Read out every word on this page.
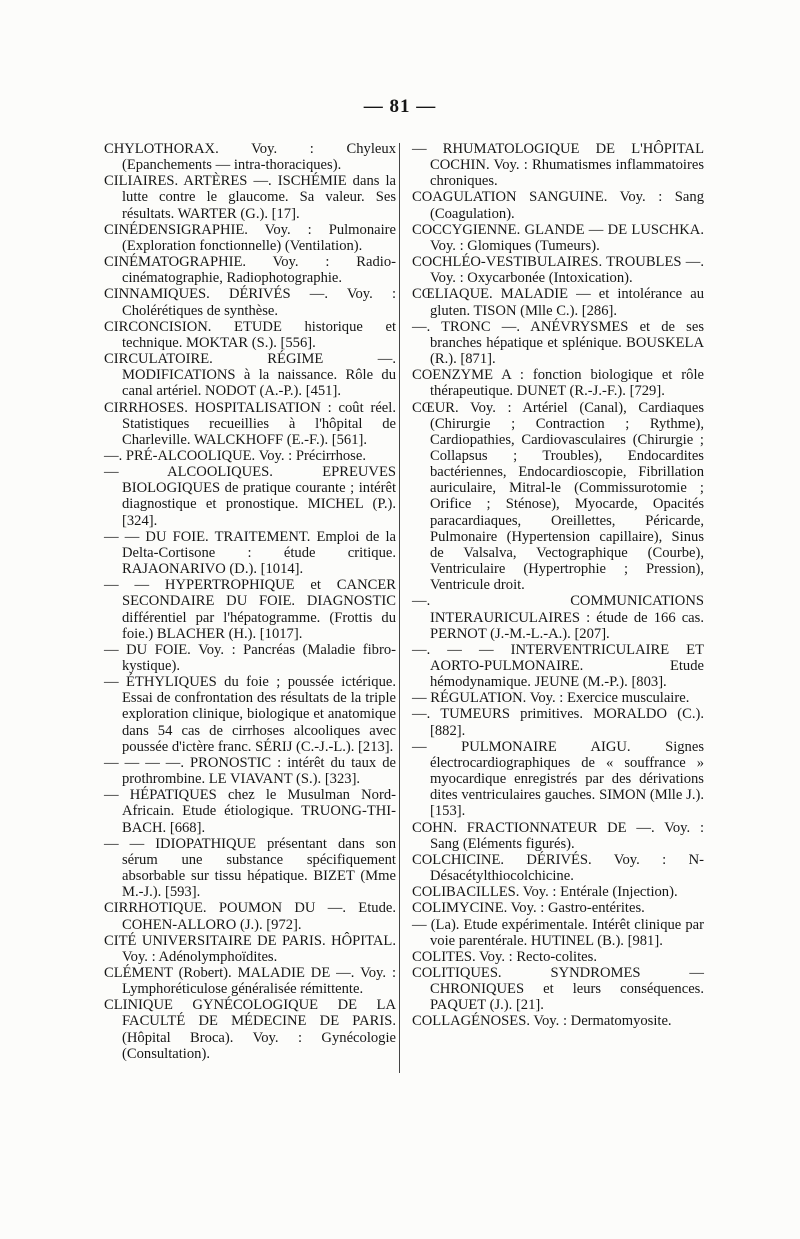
— 81 —

CHYLOTHORAX. Voy. : Chyleux (Epanchements — intra-thoraciques).

CILIAIRES. ARTÈRES —. ISCHÉMIE dans la lutte contre le glaucome. Sa valeur. Ses résultats. WARTER (G.). [17].

CINÉDENSIGRAPHIE. Voy. : Pulmonaire (Exploration fonctionnelle) (Ventilation).

CINÉMATOGRAPHIE. Voy. : Radio-cinématographie, Radiophotographie.

CINNAMIQUES. DÉRIVÉS —. Voy. : Cholérétiques de synthèse.

CIRCONCISION. ETUDE historique et technique. MOKTAR (S.). [556].

CIRCULATOIRE. RÉGIME —. MODIFICATIONS à la naissance. Rôle du canal artériel. NODOT (A.-P.). [451].

CIRRHOSES. HOSPITALISATION : coût réel. Statistiques recueillies à l'hôpital de Charleville. WALCKHOFF (E.-F.). [561].

—. PRÉ-ALCOOLIQUE. Voy. : Précirrhose.

— ALCOOLIQUES. EPREUVES BIOLOGIQUES de pratique courante ; intérêt diagnostique et pronostique. MICHEL (P.). [324].

— — DU FOIE. TRAITEMENT. Emploi de la Delta-Cortisone : étude critique. RAJAONARIVO (D.). [1014].

— — HYPERTROPHIQUE et CANCER SECONDAIRE DU FOIE. DIAGNOSTIC différentiel par l'hépatogramme. (Frottis du foie.) BLACHER (H.). [1017].

— DU FOIE. Voy. : Pancréas (Maladie fibro-kystique).

— ÉTHYLIQUES du foie ; poussée ictérique. Essai de confrontation des résultats de la triple exploration clinique, biologique et anatomique dans 54 cas de cirrhoses alcooliques avec poussée d'ictère franc. SÉRIJ (C.-J.-L.). [213].

— — — —. PRONOSTIC : intérêt du taux de prothrombine. LE VIAVANT (S.). [323].

— HÉPATIQUES chez le Musulman Nord-Africain. Etude étiologique. TRUONG-THI-BACH. [668].

— — IDIOPATHIQUE présentant dans son sérum une substance spécifiquement absorbable sur tissu hépatique. BIZET (Mme M.-J.). [593].

CIRRHOTIQUE. POUMON DU —. Etude. COHEN-ALLORO (J.). [972].

CITÉ UNIVERSITAIRE DE PARIS. HÔPITAL. Voy. : Adénolymphoïdites.

CLÉMENT (Robert). MALADIE DE —. Voy. : Lymphoréticulose généralisée rémittente.

CLINIQUE GYNÉCOLOGIQUE DE LA FACULTÉ DE MÉDECINE DE PARIS. (Hôpital Broca). Voy. : Gynécologie (Consultation).

— RHUMATOLOGIQUE DE L'HÔPITAL COCHIN. Voy. : Rhumatismes inflammatoires chroniques.

COAGULATION SANGUINE. Voy. : Sang (Coagulation).

COCCYGIENNE. GLANDE — DE LUSCHKA. Voy. : Glomiques (Tumeurs).

COCHLÉO-VESTIBULAIRES. TROUBLES —. Voy. : Oxycarbonée (Intoxication).

CŒLIAQUE. MALADIE — et intolérance au gluten. TISON (Mlle C.). [286].

—. TRONC —. ANÉVRYSMES et de ses branches hépatique et splénique. BOUSKELA (R.). [871].

COENZYME A : fonction biologique et rôle thérapeutique. DUNET (R.-J.-F.). [729].

CŒUR. Voy. : Artériel (Canal), Cardiaques (Chirurgie ; Contraction ; Rythme), Cardiopathies, Cardiovasculaires (Chirurgie ; Collapsus ; Troubles), Endocardites bactériennes, Endocardioscopie, Fibrillation auriculaire, Mitral-le (Commissurotomie ; Orifice ; Sténose), Myocarde, Opacités paracardiaques, Oreillettes, Péricarde, Pulmonaire (Hypertension capillaire), Sinus de Valsalva, Vectographique (Courbe), Ventriculaire (Hypertrophie ; Pression), Ventricule droit.

—. COMMUNICATIONS INTERAURICULAIRES : étude de 166 cas. PERNOT (J.-M.-L.-A.). [207].

—. — — INTERVENTRICULAIRE ET AORTO-PULMONAIRE. Etude hémodynamique. JEUNE (M.-P.). [803].

— RÉGULATION. Voy. : Exercice musculaire.

—. TUMEURS primitives. MORALDO (C.). [882].

— PULMONAIRE AIGU. Signes électrocardiographiques de « souffrance » myocardique enregistrés par des dérivations dites ventriculaires gauches. SIMON (Mlle J.). [153].

COHN. FRACTIONNATEUR DE —. Voy. : Sang (Eléments figurés).

COLCHICINE. DÉRIVÉS. Voy. : N-Désacétylthiocolchicine.

COLIBACILLES. Voy. : Entérale (Injection).

COLIMYCINE. Voy. : Gastro-entérites.

— (La). Etude expérimentale. Intérêt clinique par voie parentérale. HUTINEL (B.). [981].

COLITES. Voy. : Recto-colites.

COLITIQUES. SYNDROMES — CHRONIQUES et leurs conséquences. PAQUET (J.). [21].

COLLAGÉNOSES. Voy. : Dermatomyosite.
